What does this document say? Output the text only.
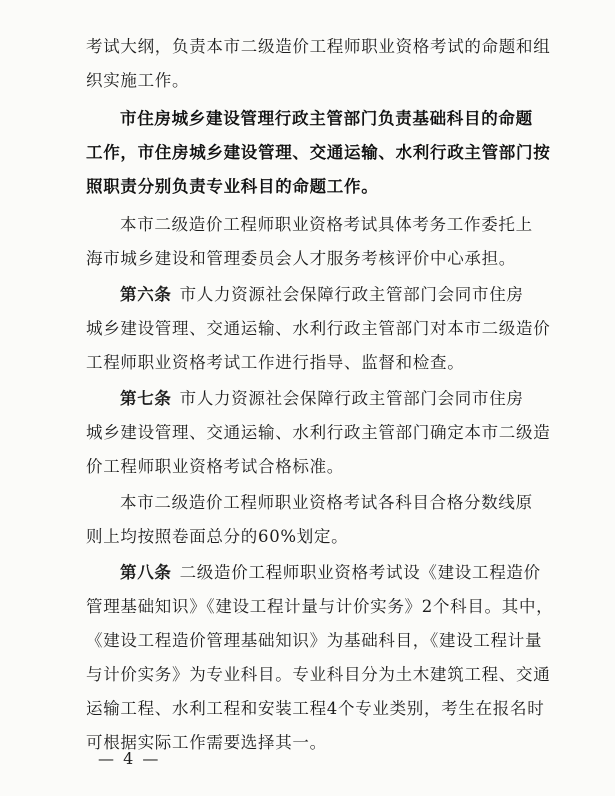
考试大纲，负责本市二级造价工程师职业资格考试的命题和组
织实施工作。
市住房城乡建设管理行政主管部门负责基础科目的命题
工作，市住房城乡建设管理、交通运输、水利行政主管部门按
照职责分别负责专业科目的命题工作。
本市二级造价工程师职业资格考试具体考务工作委托上
海市城乡建设和管理委员会人才服务考核评价中心承担。
第六条 市人力资源社会保障行政主管部门会同市住房
城乡建设管理、交通运输、水利行政主管部门对本市二级造价
工程师职业资格考试工作进行指导、监督和检查。
第七条 市人力资源社会保障行政主管部门会同市住房
城乡建设管理、交通运输、水利行政主管部门确定本市二级造
价工程师职业资格考试合格标准。
本市二级造价工程师职业资格考试各科目合格分数线原
则上均按照卷面总分的60%划定。
第八条 二级造价工程师职业资格考试设《建设工程造价
管理基础知识》《建设工程计量与计价实务》2个科目。其中，
《建设工程造价管理基础知识》为基础科目，《建设工程计量
与计价实务》为专业科目。专业科目分为土木建筑工程、交通
运输工程、水利工程和安装工程4个专业类别，考生在报名时
可根据实际工作需要选择其一。
— 4 —
